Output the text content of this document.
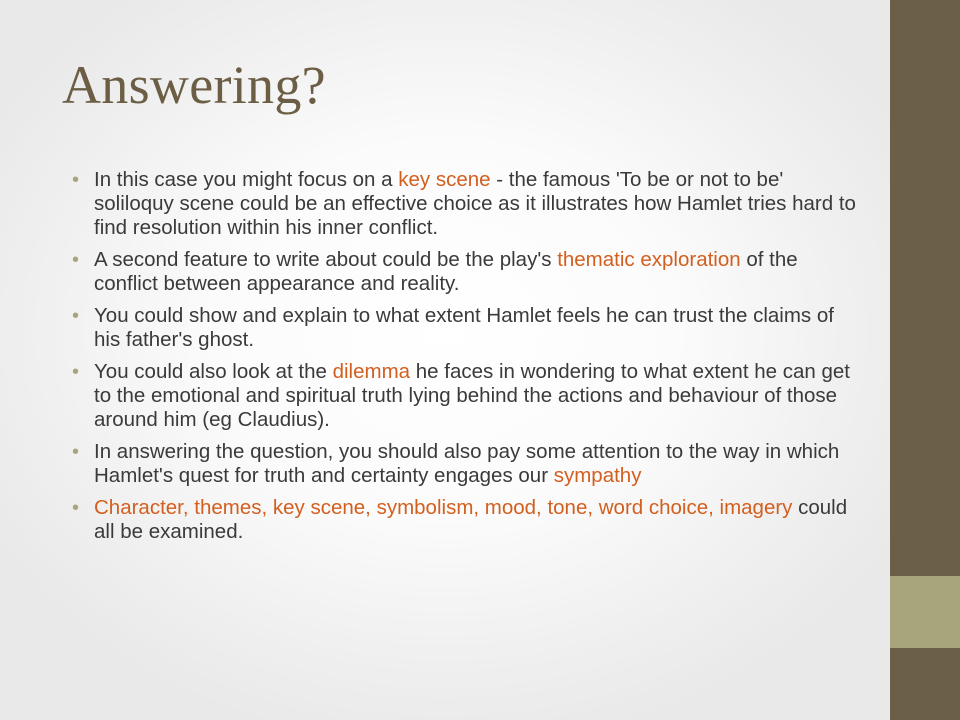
Answering?
• In this case you might focus on a key scene - the famous 'To be or not to be' soliloquy scene could be an effective choice as it illustrates how Hamlet tries hard to find resolution within his inner conflict.
• A second feature to write about could be the play's thematic exploration of the conflict between appearance and reality.
• You could show and explain to what extent Hamlet feels he can trust the claims of his father's ghost.
• You could also look at the dilemma he faces in wondering to what extent he can get to the emotional and spiritual truth lying behind the actions and behaviour of those around him (eg Claudius).
• In answering the question, you should also pay some attention to the way in which Hamlet's quest for truth and certainty engages our sympathy
• Character, themes, key scene, symbolism, mood, tone, word choice, imagery could all be examined.
